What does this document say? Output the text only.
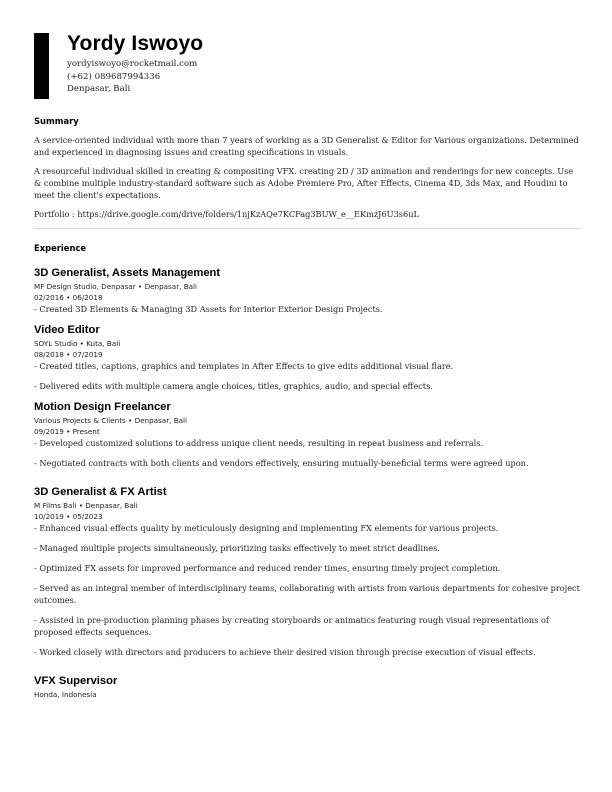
Yordy Iswoyo
yordyiswoyo@rocketmail.com
(+62) 089687994336
Denpasar, Bali
Summary

A service-oriented individual with more than 7 years of working as a 3D Generalist & Editor for Various organizations. Determined and experienced in diagnosing issues and creating specifications in visuals.

A resourceful individual skilled in creating & compositing VFX. creating 2D / 3D animation and renderings for new concepts. Use & combine multiple industry-standard software such as Adobe Premiere Pro, After Effects, Cinema 4D, 3ds Max, and Houdini to meet the client's expectations.

Portfolio : https://drive.google.com/drive/folders/1njKzAQe7KCFag3BUW_e__EKmzJ6U3s6uL

Experience
3D Generalist, Assets Management
MF Design Studio, Denpasar • Denpasar, Bali
02/2016 • 06/2018

- Created 3D Elements & Managing 3D Assets for Interior Exterior Design Projects.

Video Editor
SOYL Studio • Kuta, Bali
08/2018 • 07/2019

- Created titles, captions, graphics and templates in After Effects to give edits additional visual flare.

- Delivered edits with multiple camera angle choices, titles, graphics, audio, and special effects.

Motion Design Freelancer
Various Projects & Clients • Denpasar, Bali
09/2019 • Present

- Developed customized solutions to address unique client needs, resulting in repeat business and referrals.

- Negotiated contracts with both clients and vendors effectively, ensuring mutually-beneficial terms were agreed upon.

3D Generalist & FX Artist
M Films Bali • Denpasar, Bali
10/2019 • 05/2023

- Enhanced visual effects quality by meticulously designing and implementing FX elements for various projects.

- Managed multiple projects simultaneously, prioritizing tasks effectively to meet strict deadlines.

- Optimized FX assets for improved performance and reduced render times, ensuring timely project completion.

- Served as an integral member of interdisciplinary teams, collaborating with artists from various departments for cohesive project outcomes.

- Assisted in pre-production planning phases by creating storyboards or animatics featuring rough visual representations of proposed effects sequences.

- Worked closely with directors and producers to achieve their desired vision through precise execution of visual effects.

VFX Supervisor
Honda, Indonesia
